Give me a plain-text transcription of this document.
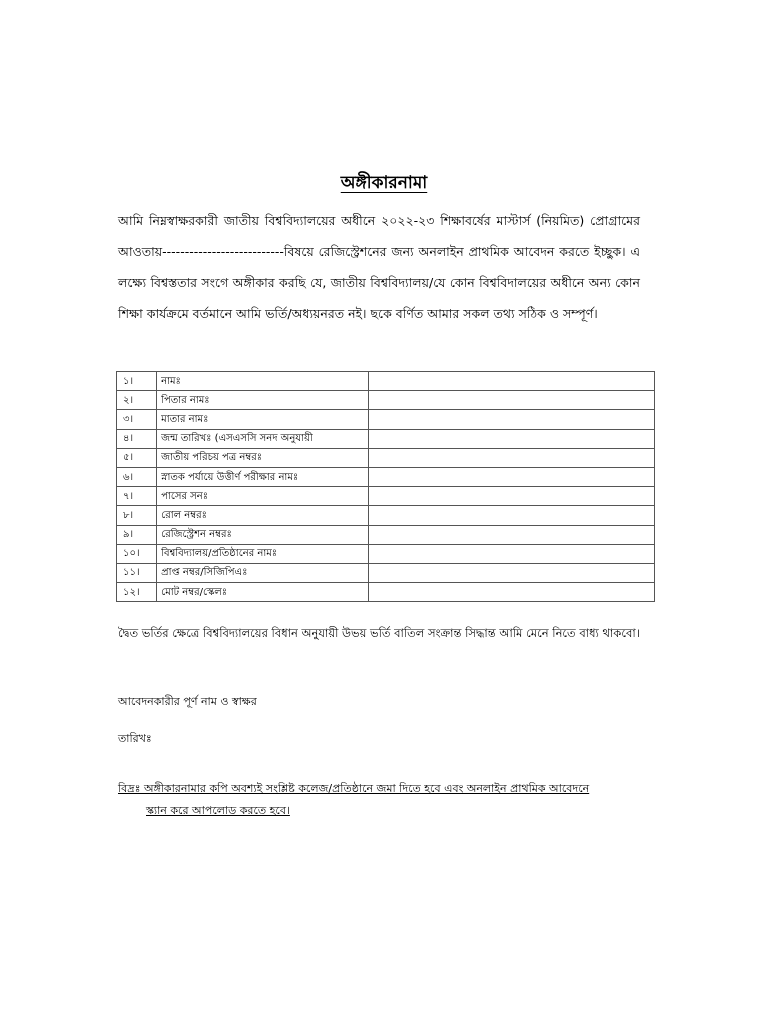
অঙ্গীকারনামা
আমি নিম্নস্বাক্ষরকারী জাতীয় বিশ্ববিদ্যালয়ের অধীনে ২০২২-২৩ শিক্ষাবর্ষের মাস্টার্স (নিয়মিত) প্রোগ্রামের আওতায়---------------------------বিষয়ে রেজিস্ট্রেশনের জন্য অনলাইন প্রাথমিক আবেদন করতে ইচ্ছুক। এ লক্ষ্যে বিশ্বস্ততার সংগে অঙ্গীকার করছি যে, জাতীয় বিশ্ববিদ্যালয়/যে কোন বিশ্ববিদালয়ের অধীনে অন্য কোন শিক্ষা কার্যক্রমে বর্তমানে আমি ভর্তি/অধ্যয়নরত নই। ছকে বর্ণিত আমার সকল তথ্য সঠিক ও সম্পূর্ণ।
১।	নামঃ	
২।	পিতার নামঃ	
৩।	মাতার নামঃ	
৪।	জন্ম তারিখঃ (এসএসসি সনদ অনুযায়ী	
৫।	জাতীয় পরিচয় পত্র নম্বরঃ	
৬।	স্নাতক পর্যায়ে উত্তীর্ণ পরীক্ষার নামঃ	
৭।	পাসের সনঃ	
৮।	রোল নম্বরঃ	
৯।	রেজিস্ট্রেশন নম্বরঃ	
১০।	বিশ্ববিদ্যালয়/প্রতিষ্ঠানের নামঃ	
১১।	প্রাপ্ত নম্বর/সিজিপিএঃ	
১২।	মোট নম্বর/স্কেলঃ	
দ্বৈত ভর্তির ক্ষেত্রে বিশ্ববিদ্যালয়ের বিধান অনুযায়ী উভয় ভর্তি বাতিল সংক্রান্ত সিদ্ধান্ত আমি মেনে নিতে বাধ্য থাকবো।
আবেদনকারীর পূর্ণ নাম ও স্বাক্ষর
তারিখঃ
বিদ্রঃ অঙ্গীকারনামার কপি অবশ্যই সংশ্লিষ্ট কলেজ/প্রতিষ্ঠানে জমা দিতে হবে এবং অনলাইন প্রাথমিক আবেদনে
স্ক্যান করে আপলোড করতে হবে।
